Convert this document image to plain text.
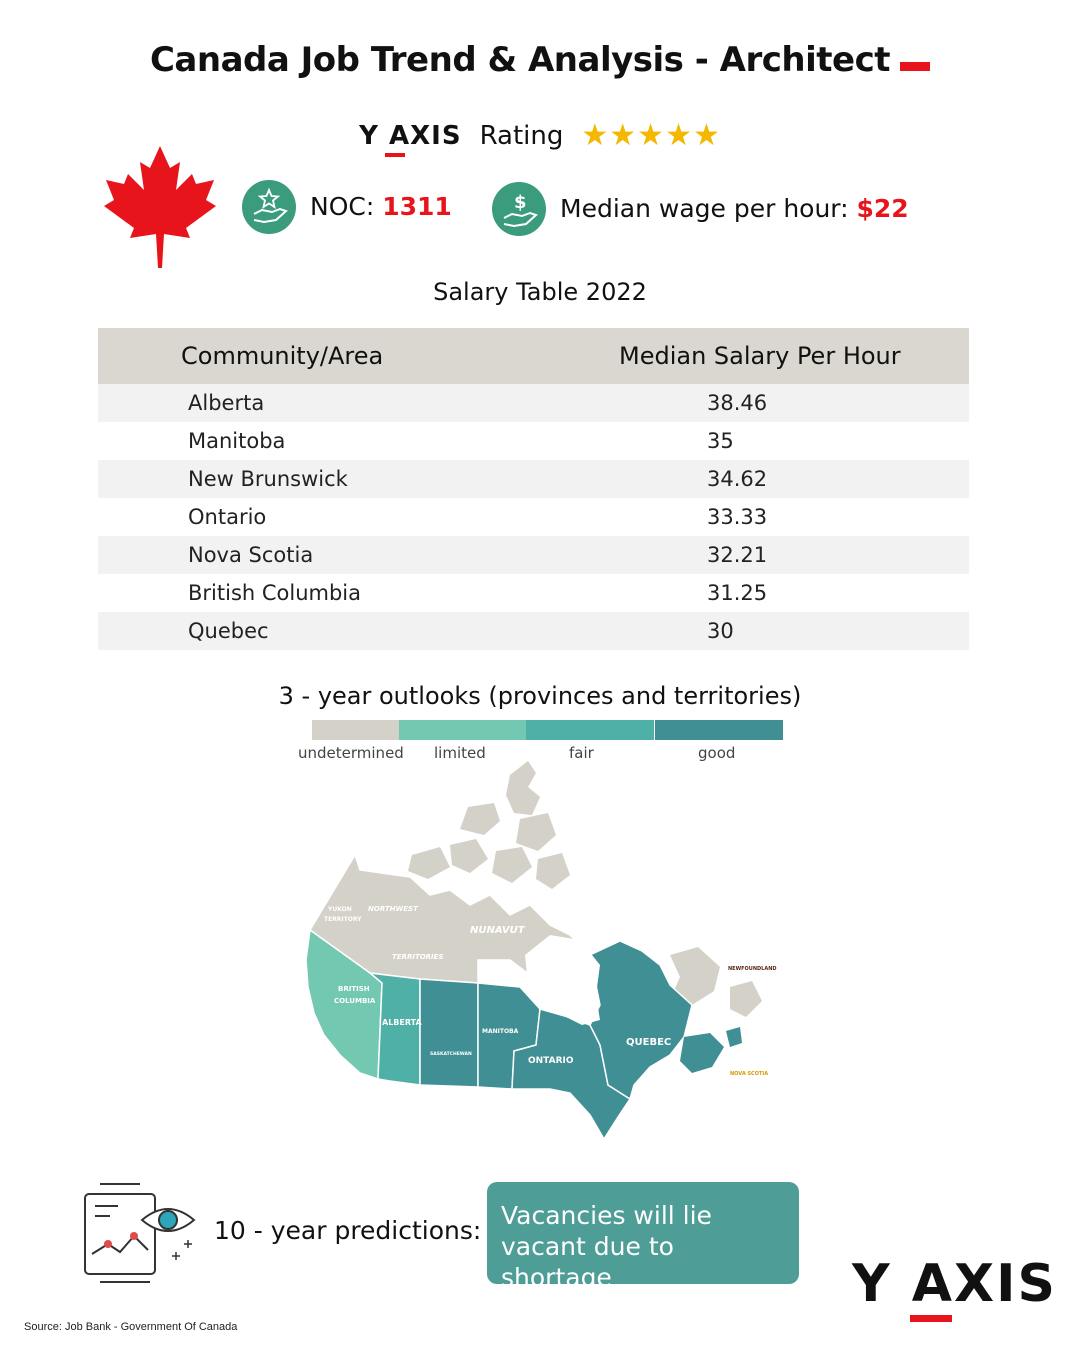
Canada Job Trend & Analysis - Architect
Y AXIS Rating ★★★★★
NOC: 1311	$ Median wage per hour: $22
Salary Table 2022
Community/Area	Median Salary Per Hour
Alberta	38.46
Manitoba	35
New Brunswick	34.62
Ontario	33.33
Nova Scotia	32.21
British Columbia	31.25
Quebec	30
3 - year outlooks (provinces and territories)
undetermined limited	fair	good
YUKON
TERRITORY
NORTHWEST
TERRITORIES
NUNAVUT
BRITISH
COLUMBIA
ALBERTA
SASKATCHEWAN
MANITOBA
ONTARIO
QUEBEC
NEWFOUNDLAND
NOVA SCOTIA
10 - year predictions:
Vacancies will lie
vacant due to shortage	Y AXIS
Source: Job Bank - Government Of Canada
